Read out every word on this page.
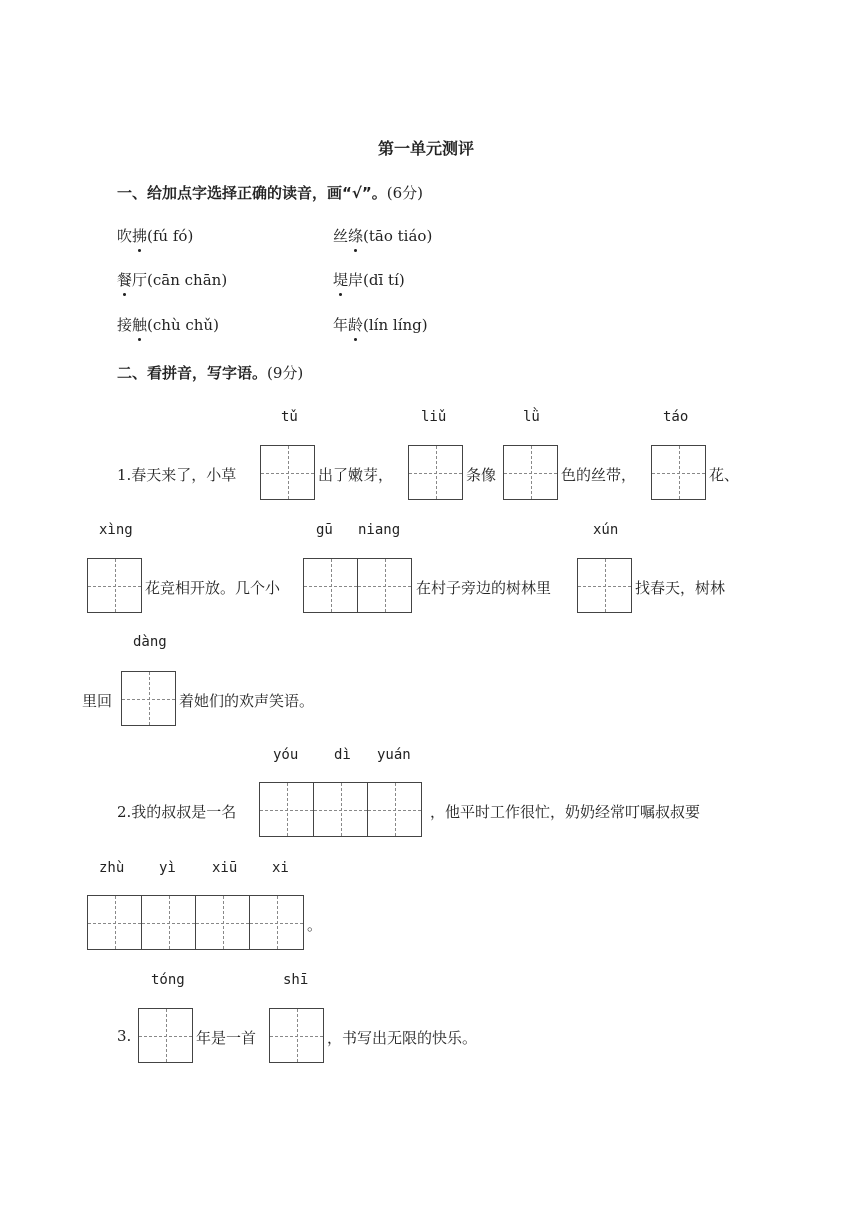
第一单元测评
一、给加点字选择正确的读音，画“√”。(6分)
吹拂(fú fó)	丝绦(tāo tiáo)
餐厅(cān chān)	堤岸(dī tí)
接触(chù chǔ)	年龄(lín líng)
二、看拼音，写字语。(9分)
tǔ	liǔ	lǜ	táo
1.春天来了，小草	出了嫩芽，	条像	色的丝带，	花、
xìng	gū niang	xún
花竞相开放。几个小	在村子旁边的树林里	找春天，树林
dàng
里回	着她们的欢声笑语。
yóu	dì yuán
2.我的叔叔是一名	，他平时工作很忙，奶奶经常叮嘱叔叔要
zhù yì	xiū xi
。
tóng	shī
3.	年是一首	，书写出无限的快乐。
